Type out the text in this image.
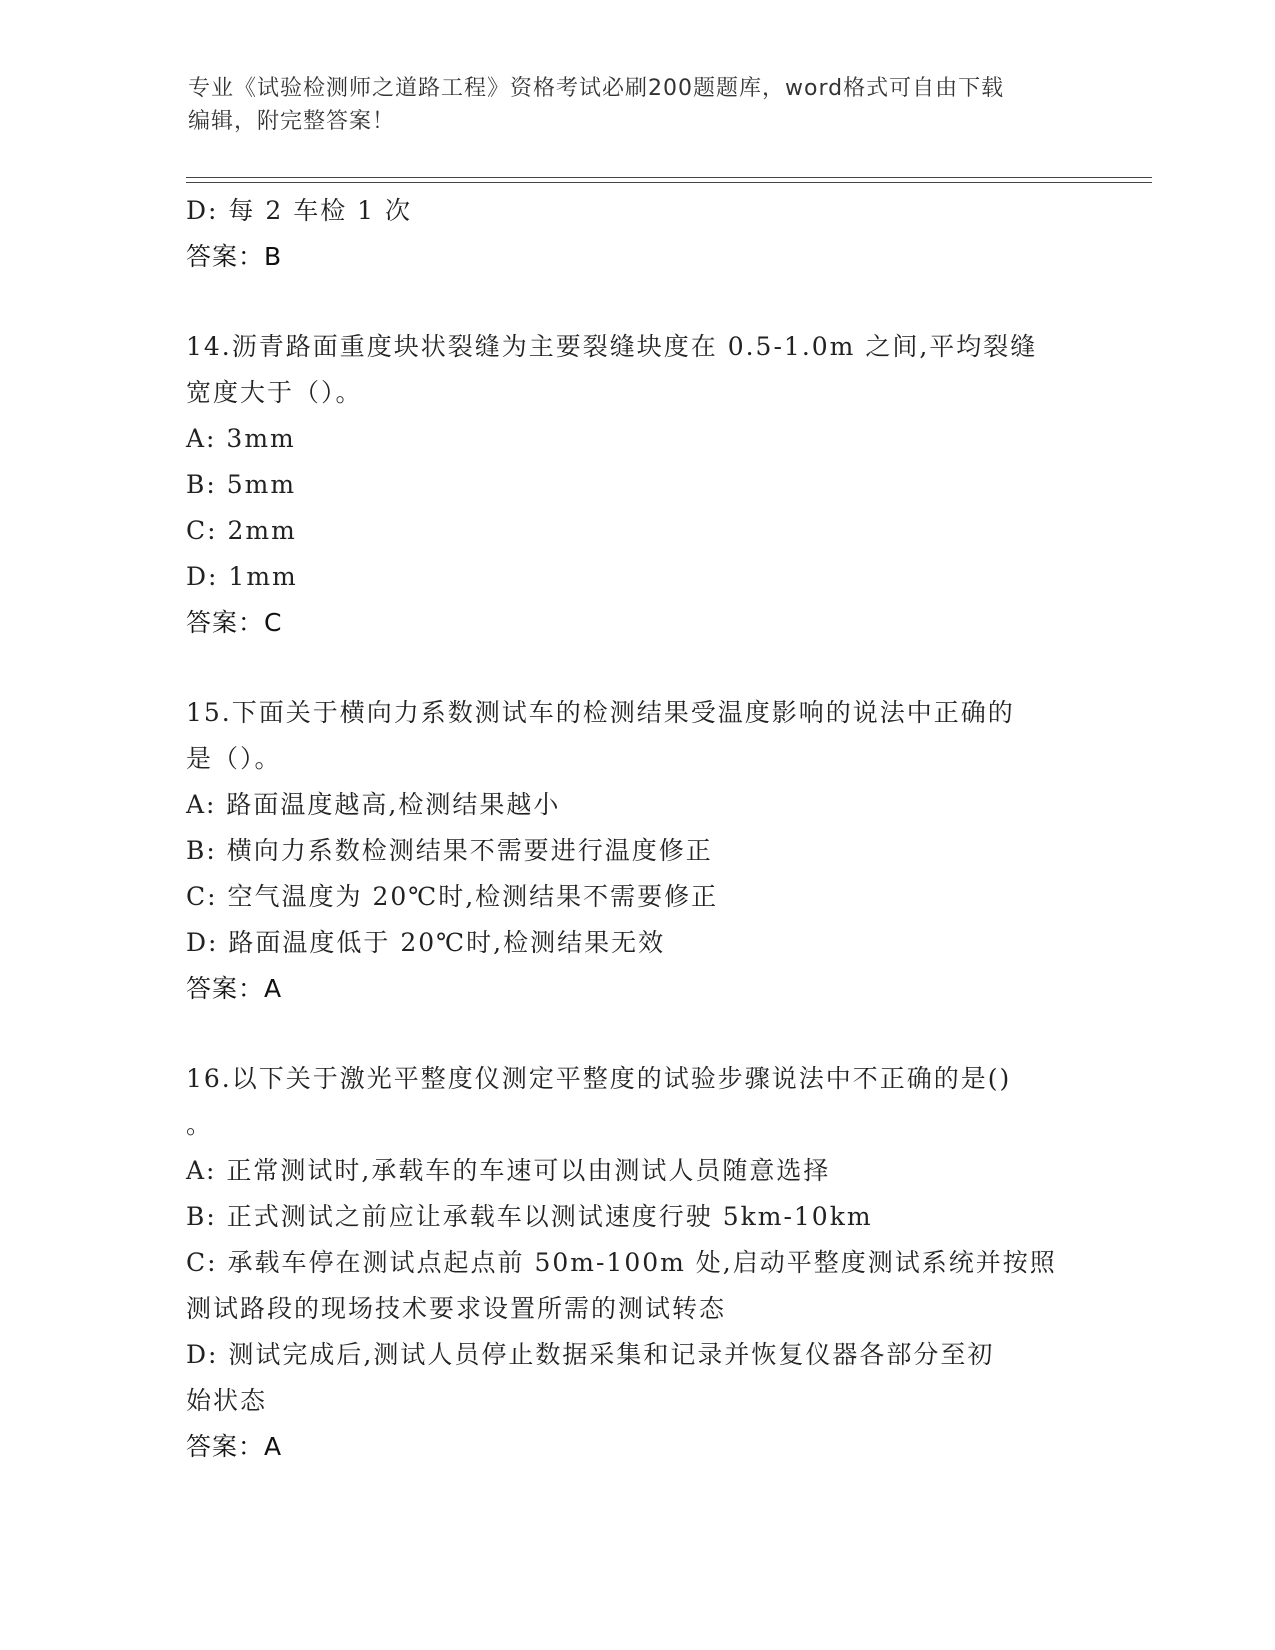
专业《试验检测师之道路工程》资格考试必刷200题题库，word格式可自由下载
编辑，附完整答案！
D: 每 2 车检 1 次
答案：B
14.沥青路面重度块状裂缝为主要裂缝块度在 0.5-1.0m 之间,平均裂缝
宽度大于（）。
A: 3mm
B: 5mm
C: 2mm
D: 1mm
答案：C
15.下面关于横向力系数测试车的检测结果受温度影响的说法中正确的
是（）。
A: 路面温度越高,检测结果越小
B: 横向力系数检测结果不需要进行温度修正
C: 空气温度为 20℃时,检测结果不需要修正
D: 路面温度低于 20℃时,检测结果无效
答案：A
16.以下关于激光平整度仪测定平整度的试验步骤说法中不正确的是()
。
A: 正常测试时,承载车的车速可以由测试人员随意选择
B: 正式测试之前应让承载车以测试速度行驶 5km-10km
C: 承载车停在测试点起点前 50m-100m 处,启动平整度测试系统并按照
测试路段的现场技术要求设置所需的测试转态
D: 测试完成后,测试人员停止数据采集和记录并恢复仪器各部分至初
始状态
答案：A
